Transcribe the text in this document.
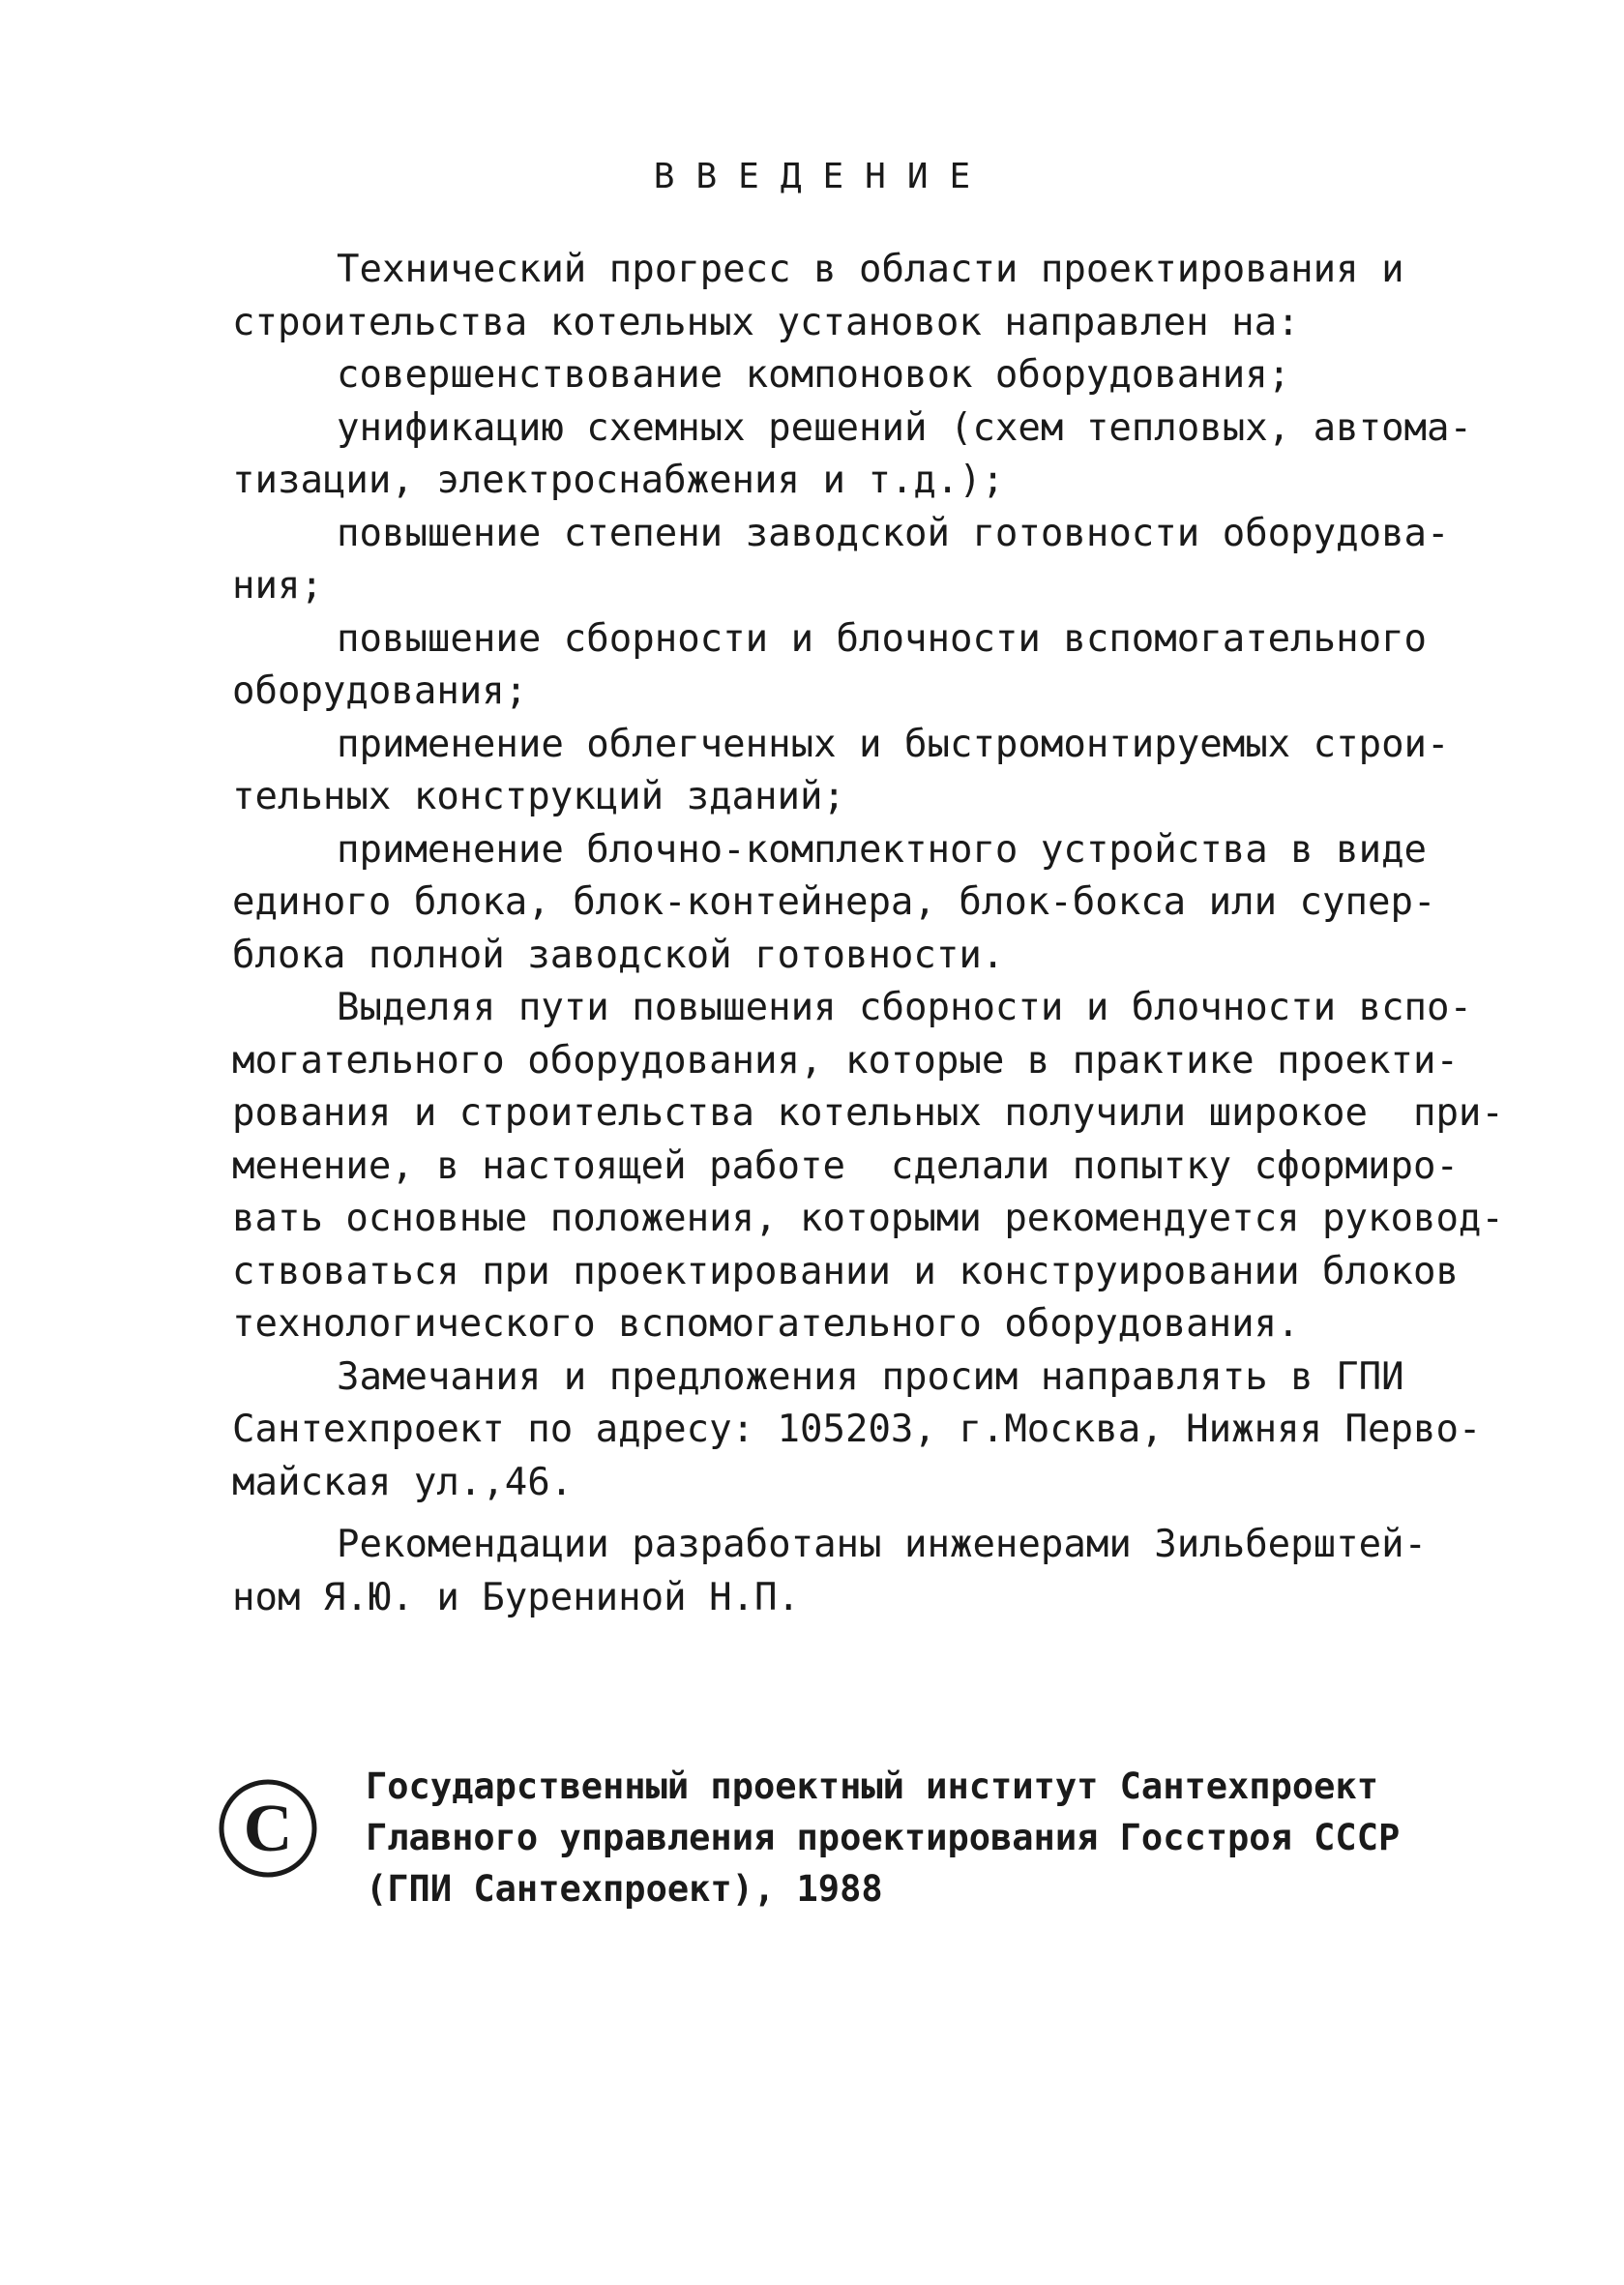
ВВЕДЕНИЕ
Технический прогресс в области проектирования и
строительства котельных установок направлен на:
совершенствование компоновок оборудования;
унификацию схемных решений (схем тепловых, автома-
тизации, электроснабжения и т.д.);
повышение степени заводской готовности оборудова-
ния;
повышение сборности и блочности вспомогательного
оборудования;
применение облегченных и быстромонтируемых строи-
тельных конструкций зданий;
применение блочно-комплектного устройства в виде
единого блока, блок-контейнера, блок-бокса или супер-
блока полной заводской готовности.
Выделяя пути повышения сборности и блочности вспо-
могательного оборудования, которые в практике проекти-
рования и строительства котельных получили широкое  при-
менение, в настоящей работе  сделали попытку сформиро-
вать основные положения, которыми рекомендуется руковод-
ствоваться при проектировании и конструировании блоков
технологического вспомогательного оборудования.
Замечания и предложения просим направлять в ГПИ
Сантехпроект по адресу: 105203, г.Москва, Нижняя Перво-
майская ул.,46.
Рекомендации разработаны инженерами Зильберштей-
ном Я.Ю. и Бурениной Н.П.
C
Государственный проектный институт Сантехпроект
Главного управления проектирования Госстроя СССР
(ГПИ Сантехпроект), 1988
